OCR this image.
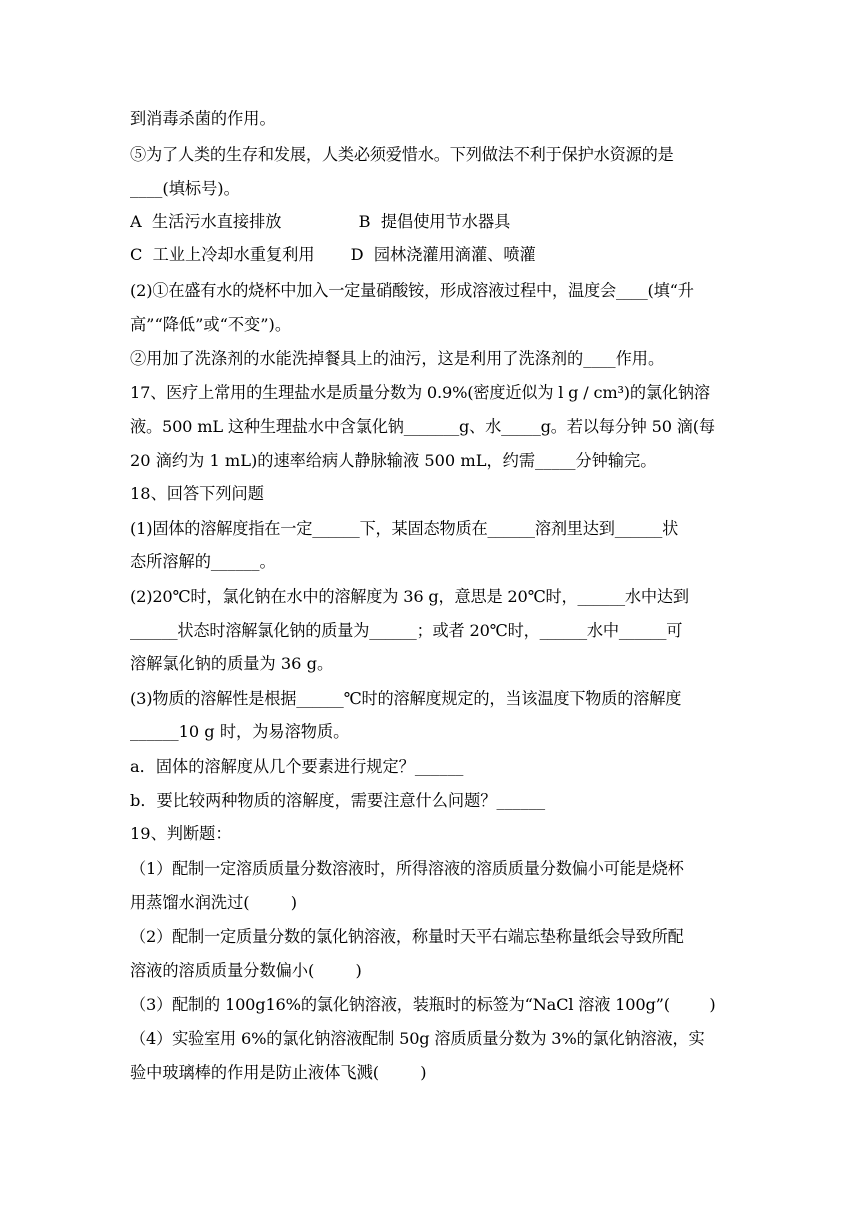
到消毒杀菌的作用。
⑤为了人类的生存和发展，人类必须爱惜水。下列做法不利于保护水资源的是
____(填标号)。
A  生活污水直接排放               B  提倡使用节水器具
C  工业上冷却水重复利用       D  园林浇灌用滴灌、喷灌
(2)①在盛有水的烧杯中加入一定量硝酸铵，形成溶液过程中，温度会____(填“升
高”“降低”或“不变”)。
②用加了洗涤剂的水能洗掉餐具上的油污，这是利用了洗涤剂的____作用。
17、医疗上常用的生理盐水是质量分数为 0.9%(密度近似为 l g / cm³)的氯化钠溶
液。500 mL 这种生理盐水中含氯化钠_______g、水_____g。若以每分钟 50 滴(每
20 滴约为 1 mL)的速率给病人静脉输液 500 mL，约需_____分钟输完。
18、回答下列问题
(1)固体的溶解度指在一定______下，某固态物质在______溶剂里达到______状
态所溶解的______。
(2)20℃时，氯化钠在水中的溶解度为 36 g，意思是 20℃时，______水中达到
______状态时溶解氯化钠的质量为______；或者 20℃时，______水中______可
溶解氯化钠的质量为 36 g。
(3)物质的溶解性是根据______℃时的溶解度规定的，当该温度下物质的溶解度
______10 g 时，为易溶物质。
a．固体的溶解度从几个要素进行规定？______
b．要比较两种物质的溶解度，需要注意什么问题？______
19、判断题：
（1）配制一定溶质质量分数溶液时，所得溶液的溶质质量分数偏小可能是烧杯
用蒸馏水润洗过(        )
（2）配制一定质量分数的氯化钠溶液，称量时天平右端忘垫称量纸会导致所配
溶液的溶质质量分数偏小(        )
（3）配制的 100g16%的氯化钠溶液，装瓶时的标签为“NaCl 溶液 100g”(        )
（4）实验室用 6%的氯化钠溶液配制 50g 溶质质量分数为 3%的氯化钠溶液，实
验中玻璃棒的作用是防止液体飞溅(        )
